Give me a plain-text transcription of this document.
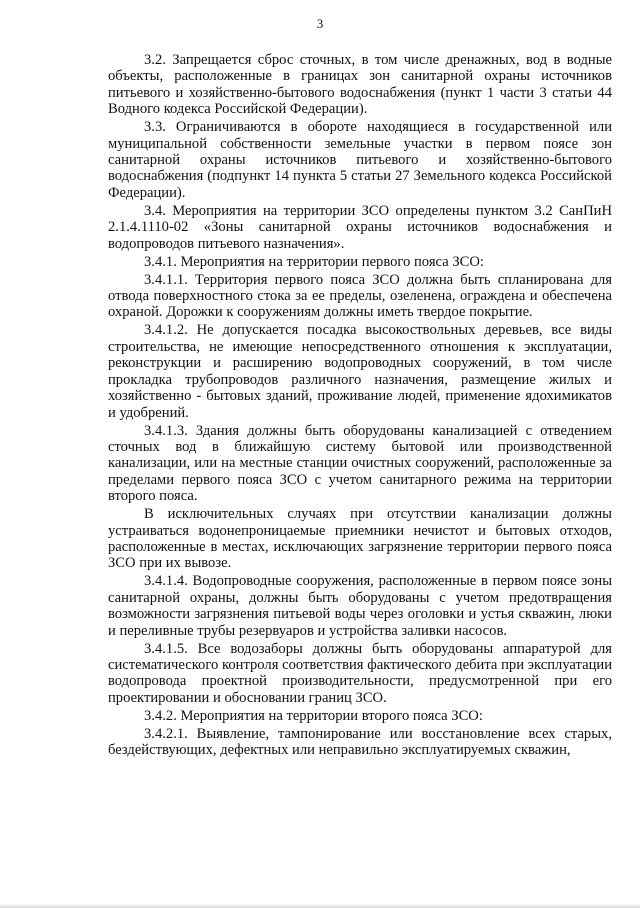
3

3.2. Запрещается сброс сточных, в том числе дренажных, вод в водные объекты, расположенные в границах зон санитарной охраны источников питьевого и хозяйственно-бытового водоснабжения (пункт 1 части 3 статьи 44 Водного кодекса Российской Федерации).

3.3. Ограничиваются в обороте находящиеся в государственной или муниципальной собственности земельные участки в первом поясе зон санитарной охраны источников питьевого и хозяйственно-бытового водоснабжения (подпункт 14 пункта 5 статьи 27 Земельного кодекса Российской Федерации).

3.4. Мероприятия на территории ЗСО определены пунктом 3.2 СанПиН 2.1.4.1110-02 «Зоны санитарной охраны источников водоснабжения и водопроводов питьевого назначения».

3.4.1. Мероприятия на территории первого пояса ЗСО:

3.4.1.1. Территория первого пояса ЗСО должна быть спланирована для отвода поверхностного стока за ее пределы, озеленена, ограждена и обеспечена охраной. Дорожки к сооружениям должны иметь твердое покрытие.

3.4.1.2. Не допускается посадка высокоствольных деревьев, все виды строительства, не имеющие непосредственного отношения к эксплуатации, реконструкции и расширению водопроводных сооружений, в том числе прокладка трубопроводов различного назначения, размещение жилых и хозяйственно - бытовых зданий, проживание людей, применение ядохимикатов и удобрений.

3.4.1.3. Здания должны быть оборудованы канализацией с отведением сточных вод в ближайшую систему бытовой или производственной канализации, или на местные станции очистных сооружений, расположенные за пределами первого пояса ЗСО с учетом санитарного режима на территории второго пояса.

В исключительных случаях при отсутствии канализации должны устраиваться водонепроницаемые приемники нечистот и бытовых отходов, расположенные в местах, исключающих загрязнение территории первого пояса ЗСО при их вывозе.

3.4.1.4. Водопроводные сооружения, расположенные в первом поясе зоны санитарной охраны, должны быть оборудованы с учетом предотвращения возможности загрязнения питьевой воды через оголовки и устья скважин, люки и переливные трубы резервуаров и устройства заливки насосов.

3.4.1.5. Все водозаборы должны быть оборудованы аппаратурой для систематического контроля соответствия фактического дебита при эксплуатации водопровода проектной производительности, предусмотренной при его проектировании и обосновании границ ЗСО.

3.4.2. Мероприятия на территории второго пояса ЗСО:

3.4.2.1. Выявление, тампонирование или восстановление всех старых, бездействующих, дефектных или неправильно эксплуатируемых скважин,
